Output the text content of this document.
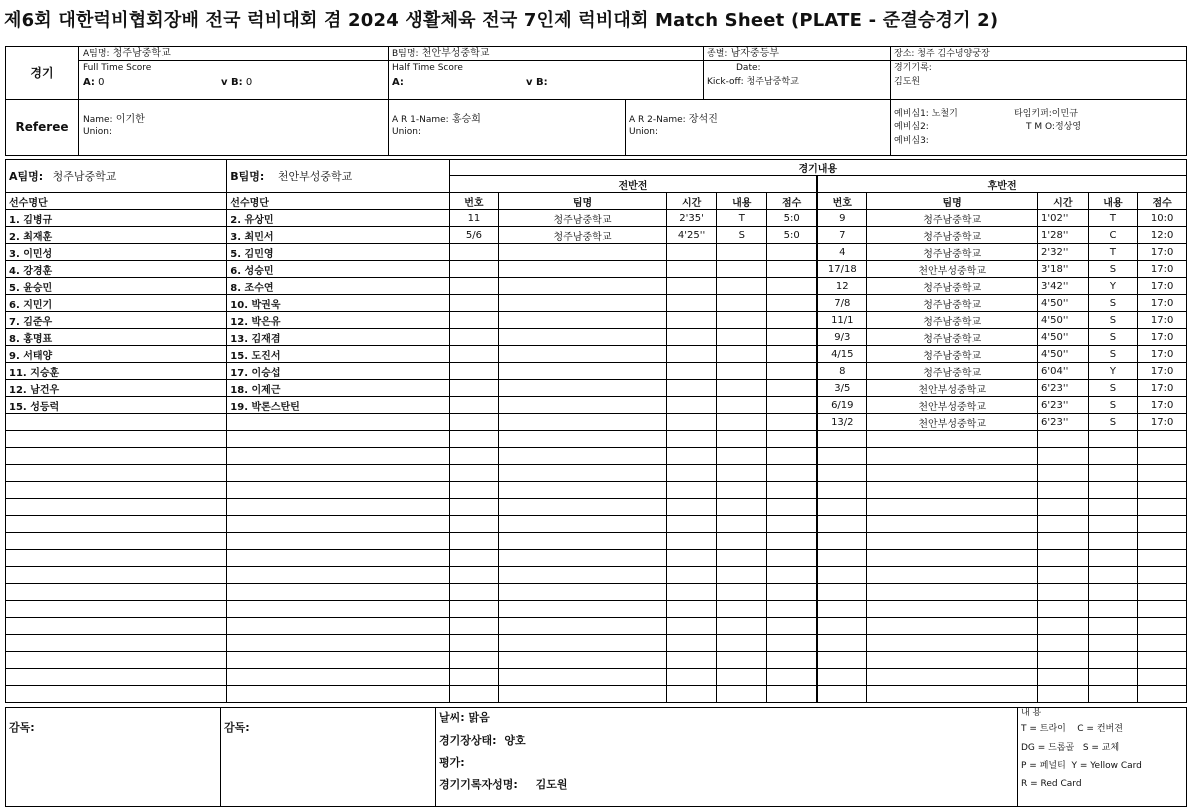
제6회 대한럭비협회장배 전국 럭비대회 겸 2024 생활체육 전국 7인제 럭비대회 Match Sheet (PLATE - 준결승경기 2)
경기
A팀명: 청주남중학교	B팀명: 천안부성중학교	종별: 남자중등부	장소: 청주 김수녕양궁장
Full Time Score
A: 0	v B: 0
Half Time Score
A:	v B:
Date:
Kick-off: 청주남중학교
경기기록:
김도원
Referee	Name: 이기한
Union:
A R 1-Name: 홍승희
Union:
A R 2-Name: 장석진
Union:
예비심1: 노철기
예비심2:
예비심3:
타임키퍼:이민규
T M O:정상영
A팀명: 청주남중학교	B팀명: 천안부성중학교	경기내용									
		전반전					후반전				
선수명단	선수명단	번호	팀명	시간	내용	점수	번호	팀명	시간	내용	점수
1. 김병규	2. 유상민	11	청주남중학교	2'35'	T	5:0	9	청주남중학교	1'02''	T	10:0
2. 최재훈	3. 최민서	5/6	청주남중학교	4'25''	S	5:0	7	청주남중학교	1'28''	C	12:0
3. 이민성	5. 김민영						4	청주남중학교	2'32''	T	17:0
4. 강경훈	6. 성승민						17/18	천안부성중학교	3'18''	S	17:0
5. 윤승민	8. 조수연						12	청주남중학교	3'42''	Y	17:0
6. 지민기	10. 박권욱						7/8	청주남중학교	4'50''	S	17:0
7. 김준우	12. 박은유						11/1	청주남중학교	4'50''	S	17:0
8. 홍명표	13. 김재겸						9/3	청주남중학교	4'50''	S	17:0
9. 서태양	15. 도진서						4/15	청주남중학교	4'50''	S	17:0
11. 지승훈	17. 이승섭						8	청주남중학교	6'04''	Y	17:0
12. 남건우	18. 이제근						3/5	천안부성중학교	6'23''	S	17:0
15. 성등럭	19. 박론스탄틴						6/19	천안부성중학교	6'23''	S	17:0
							13/2	천안부성중학교	6'23''	S	17:0

감독:	감독:
날씨: 맑음
경기장상태: 양호
평가:
경기기록자성명: 김도원
내 용
T = 트라이    C = 컨버젼
DG = 드롭골   S = 교체
P = 페널티  Y = Yellow Card
R = Red Card
